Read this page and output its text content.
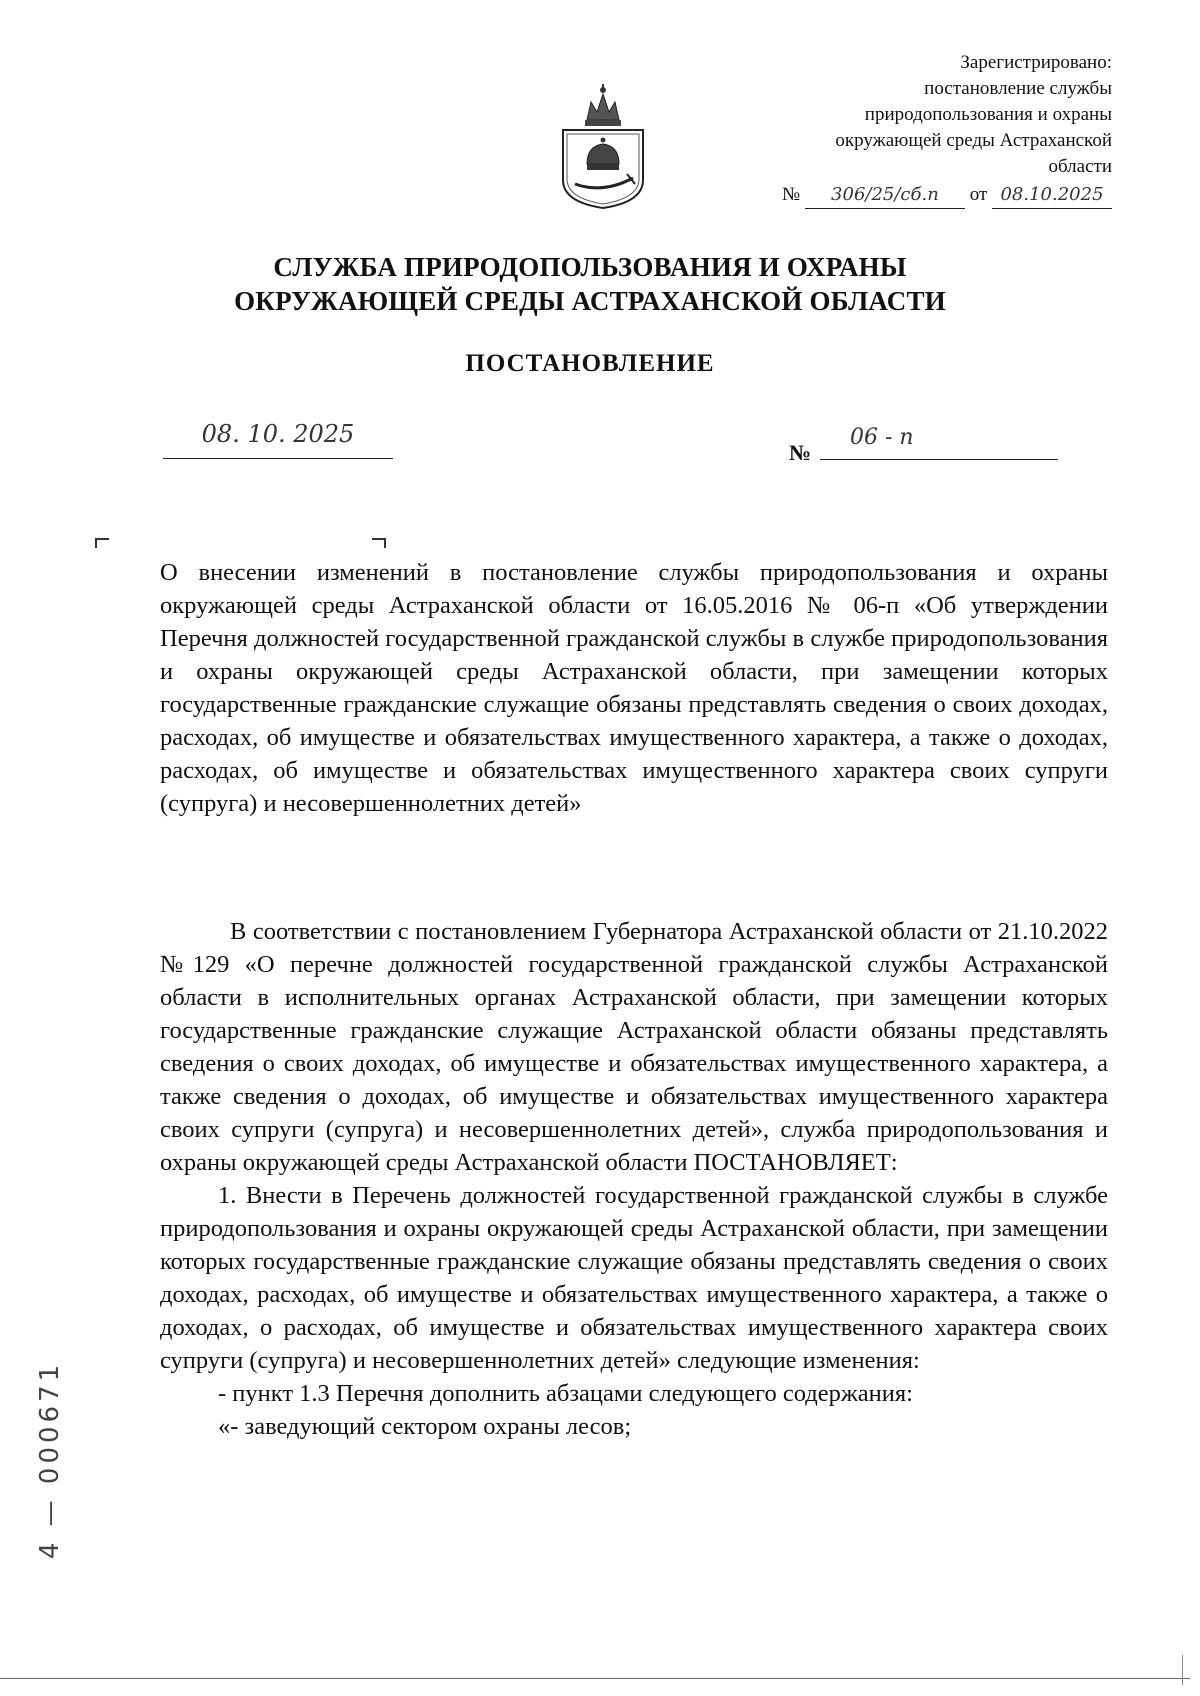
Зарегистрировано:
постановление службы
природопользования и охраны
окружающей среды Астраханской
области
№ 306/25/сб.п от 08.10.2025
СЛУЖБА ПРИРОДОПОЛЬЗОВАНИЯ И ОХРАНЫ
ОКРУЖАЮЩЕЙ СРЕДЫ АСТРАХАНСКОЙ ОБЛАСТИ
ПОСТАНОВЛЕНИЕ
08. 10. 2025
№
06 - п

О внесении изменений в постановление службы природопользования и охраны окружающей среды Астраханской области от 16.05.2016 № 06-п «Об утверждении Перечня должностей государственной гражданской службы в службе природопользования и охраны окружающей среды Астраханской области, при замещении которых государственные гражданские служащие обязаны представлять сведения о своих доходах, расходах, об имуществе и обязательствах имущественного характера, а также о доходах, расходах, об имуществе и обязательствах имущественного характера своих супруги (супруга) и несовершеннолетних детей»

В соответствии с постановлением Губернатора Астраханской области от 21.10.2022 №129 «О перечне должностей государственной гражданской службы Астраханской области в исполнительных органах Астраханской области, при замещении которых государственные гражданские служащие Астраханской области обязаны представлять сведения о своих доходах, об имуществе и обязательствах имущественного характера, а также сведения о доходах, об имуществе и обязательствах имущественного характера своих супруги (супруга) и несовершеннолетних детей», служба природопользования и охраны окружающей среды Астраханской области ПОСТАНОВЛЯЕТ:

1. Внести в Перечень должностей государственной гражданской службы в службе природопользования и охраны окружающей среды Астраханской области, при замещении которых государственные гражданские служащие обязаны представлять сведения о своих доходах, расходах, об имуществе и обязательствах имущественного характера, а также о доходах, о расходах, об имуществе и обязательствах имущественного характера своих супруги (супруга) и несовершеннолетних детей» следующие изменения:

- пункт 1.3 Перечня дополнить абзацами следующего содержания:

«- заведующий сектором охраны лесов;

4 — 000671
